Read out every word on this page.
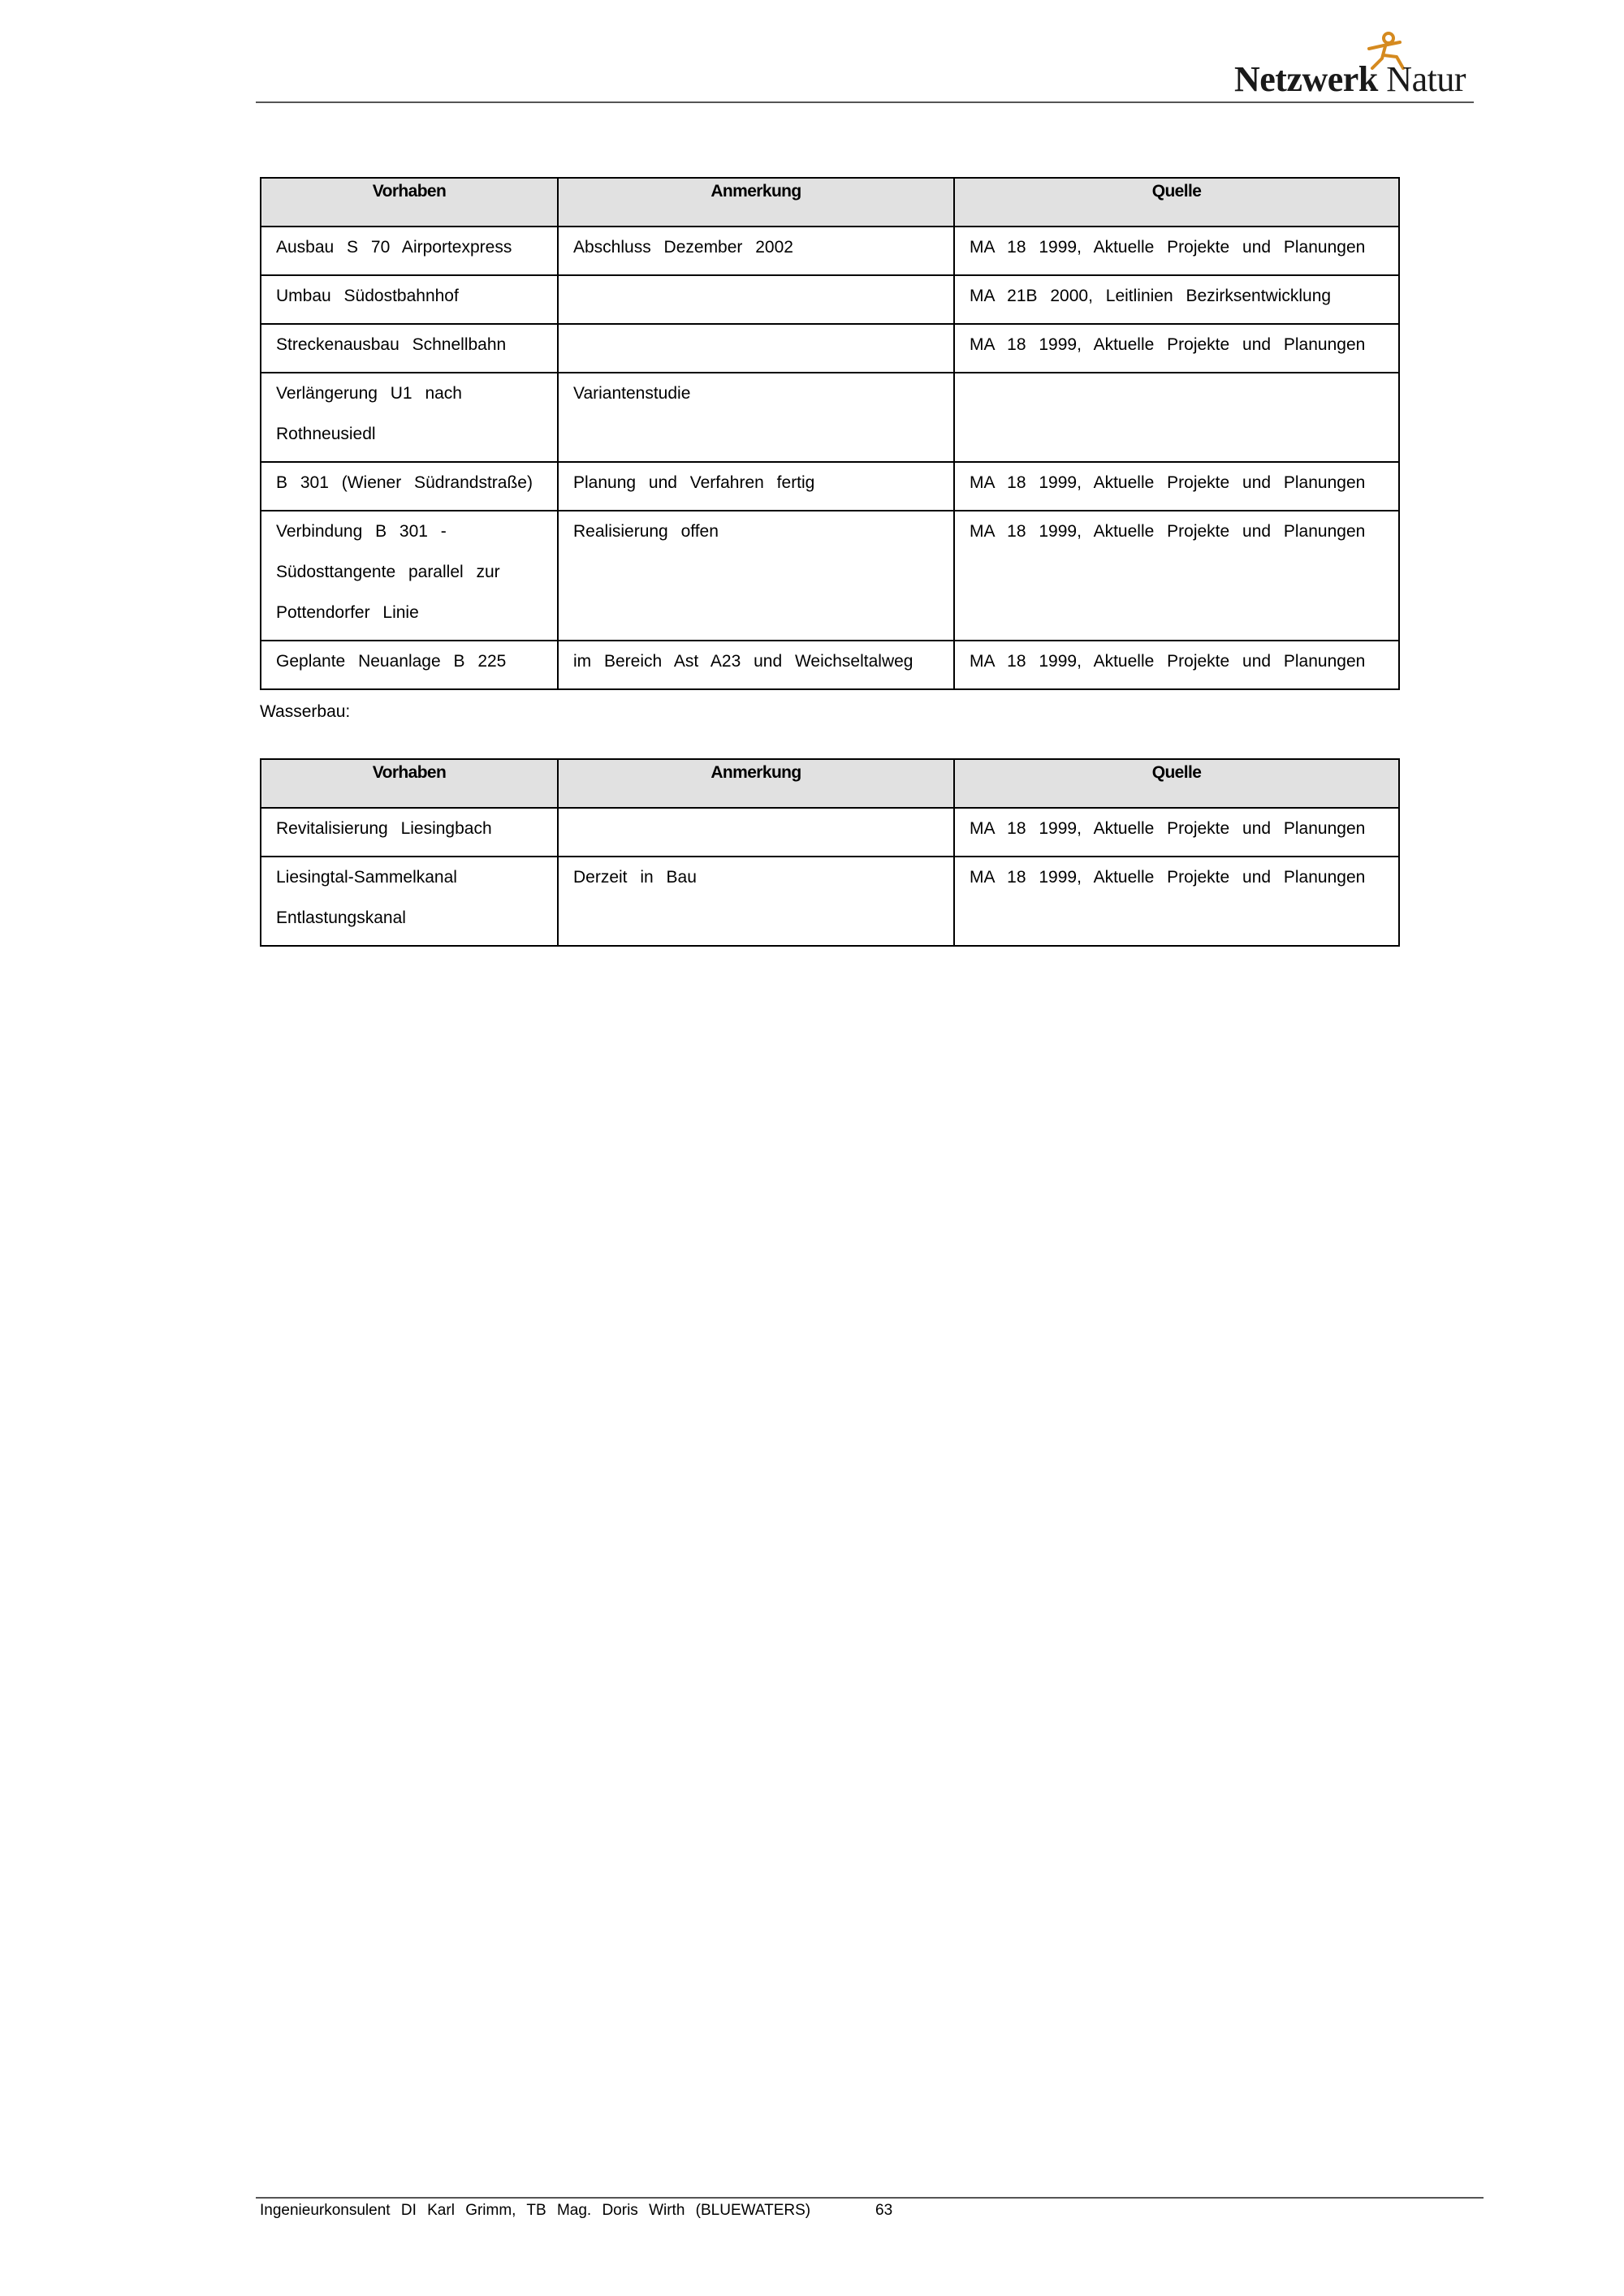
Netzwerk Natur
Vorhaben	Anmerkung	Quelle

Ausbau S 70 Airportexpress	Abschluss Dezember 2002	MA 18 1999, Aktuelle Projekte und Planungen

Umbau Südostbahnhof		MA 21B 2000, Leitlinien Bezirksentwicklung

Streckenausbau Schnellbahn		MA 18 1999, Aktuelle Projekte und Planungen

Verlängerung U1 nach
Rothneusiedl	Variantenstudie	

B 301 (Wiener Südrandstraße)	Planung und Verfahren fertig	MA 18 1999, Aktuelle Projekte und Planungen

Verbindung B 301 -
Südosttangente parallel zur
Pottendorfer Linie	Realisierung offen	MA 18 1999, Aktuelle Projekte und Planungen

Geplante Neuanlage B 225	im Bereich Ast A23 und Weichseltalweg	MA 18 1999, Aktuelle Projekte und Planungen
Wasserbau:
Vorhaben	Anmerkung	Quelle

Revitalisierung Liesingbach		MA 18 1999, Aktuelle Projekte und Planungen

Liesingtal-Sammelkanal
Entlastungskanal	Derzeit in Bau	MA 18 1999, Aktuelle Projekte und Planungen
Ingenieurkonsulent DI Karl Grimm, TB Mag. Doris Wirth (BLUEWATERS)	63
